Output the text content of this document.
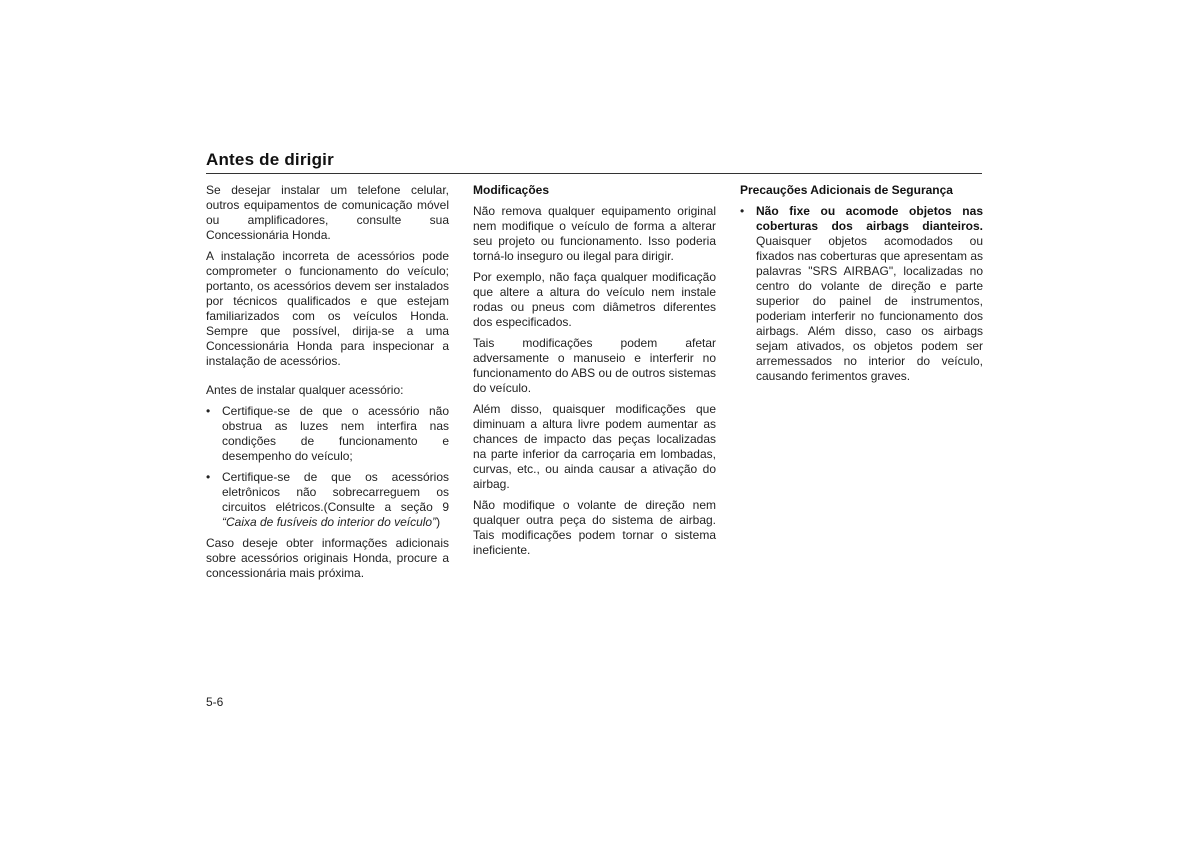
Antes de dirigir

Se desejar instalar um telefone celular, outros equipamentos de comunicação móvel ou amplificadores, consulte sua Concessionária Honda.

A instalação incorreta de acessórios pode comprometer o funcionamento do veículo; portanto, os acessórios devem ser instalados por técnicos qualificados e que estejam familiarizados com os veículos Honda. Sempre que possível, dirija-se a uma Concessionária Honda para inspecionar a instalação de acessórios.

Antes de instalar qualquer acessório:

• Certifique-se de que o acessório não obstrua as luzes nem interfira nas condições de funcionamento e desempenho do veículo;
• Certifique-se de que os acessórios eletrônicos não sobrecarreguem os circuitos elétricos.(Consulte a seção 9 “Caixa de fusíveis do interior do veículo”)

Caso deseje obter informações adicionais sobre acessórios originais Honda, procure a concessionária mais próxima.

Modificações

Não remova qualquer equipamento original nem modifique o veículo de forma a alterar seu projeto ou funcionamento. Isso poderia torná-lo inseguro ou ilegal para dirigir.

Por exemplo, não faça qualquer modificação que altere a altura do veículo nem instale rodas ou pneus com diâmetros diferentes dos especificados.

Tais modificações podem afetar adversamente o manuseio e interferir no funcionamento do ABS ou de outros sistemas do veículo.

Além disso, quaisquer modificações que diminuam a altura livre podem aumentar as chances de impacto das peças localizadas na parte inferior da carroçaria em lombadas, curvas, etc., ou ainda causar a ativação do airbag.

Não modifique o volante de direção nem qualquer outra peça do sistema de airbag. Tais modificações podem tornar o sistema ineficiente.

Precauções Adicionais de Segurança
• Não fixe ou acomode objetos nas coberturas dos airbags dianteiros. Quaisquer objetos acomodados ou fixados nas coberturas que apresentam as palavras "SRS AIRBAG", localizadas no centro do volante de direção e parte superior do painel de instrumentos, poderiam interferir no funcionamento dos airbags. Além disso, caso os airbags sejam ativados, os objetos podem ser arremessados no interior do veículo, causando ferimentos graves.
5-6
